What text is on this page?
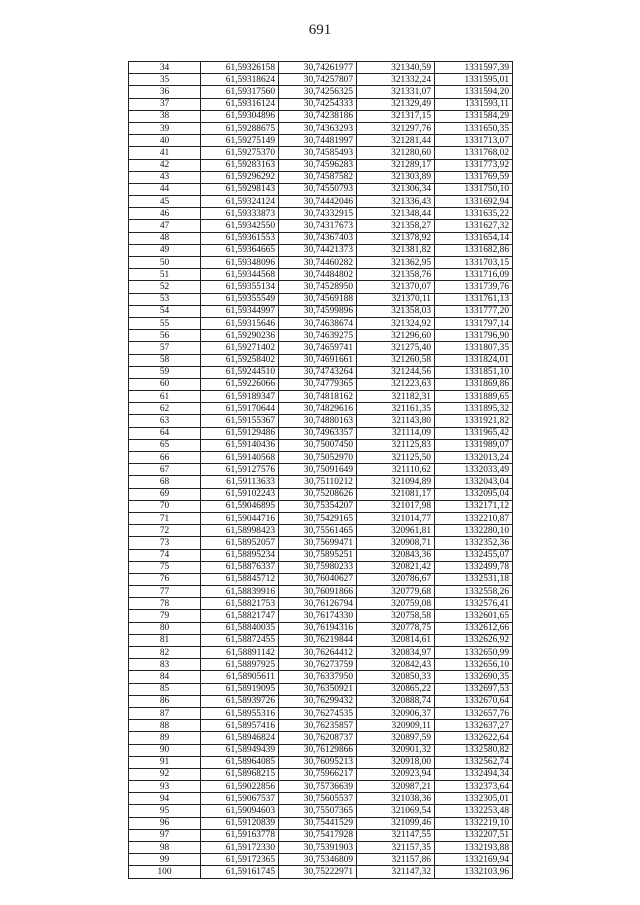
691
34	61,59326158	30,74261977	321340,59	1331597,39
35	61,59318624	30,74257807	321332,24	1331595,01
36	61,59317560	30,74256325	321331,07	1331594,20
37	61,59316124	30,74254333	321329,49	1331593,11
38	61,59304896	30,74238186	321317,15	1331584,29
39	61,59288675	30,74363293	321297,76	1331650,35
40	61,59275149	30,74481997	321281,44	1331713,07
41	61,59275370	30,74585493	321280,60	1331768,02
42	61,59283163	30,74596283	321289,17	1331773,92
43	61,59296292	30,74587582	321303,89	1331769,59
44	61,59298143	30,74550793	321306,34	1331750,10
45	61,59324124	30,74442046	321336,43	1331692,94
46	61,59333873	30,74332915	321348,44	1331635,22
47	61,59342550	30,74317673	321358,27	1331627,32
48	61,59361553	30,74367403	321378,92	1331654,14
49	61,59364665	30,74421373	321381,82	1331682,86
50	61,59348096	30,74460282	321362,95	1331703,15
51	61,59344568	30,74484802	321358,76	1331716,09
52	61,59355134	30,74528950	321370,07	1331739,76
53	61,59355549	30,74569188	321370,11	1331761,13
54	61,59344997	30,74599896	321358,03	1331777,20
55	61,59315646	30,74638674	321324,92	1331797,14
56	61,59290236	30,74639275	321296,60	1331796,90
57	61,59271402	30,74659741	321275,40	1331807,35
58	61,59258402	30,74691661	321260,58	1331824,01
59	61,59244510	30,74743264	321244,56	1331851,10
60	61,59226066	30,74779365	321223,63	1331869,86
61	61,59189347	30,74818162	321182,31	1331889,65
62	61,59170644	30,74829616	321161,35	1331895,32
63	61,59155367	30,74880163	321143,80	1331921,82
64	61,59129486	30,74963357	321114,09	1331965,42
65	61,59140436	30,75007450	321125,83	1331989,07
66	61,59140568	30,75052970	321125,50	1332013,24
67	61,59127576	30,75091649	321110,62	1332033,49
68	61,59113633	30,75110212	321094,89	1332043,04
69	61,59102243	30,75208626	321081,17	1332095,04
70	61,59046895	30,75354207	321017,98	1332171,12
71	61,59044716	30,75429165	321014,77	1332210,87
72	61,58998423	30,75561465	320961,81	1332280,10
73	61,58952057	30,75699471	320908,71	1332352,36
74	61,58895234	30,75895251	320843,36	1332455,07
75	61,58876337	30,75980233	320821,42	1332499,78
76	61,58845712	30,76040627	320786,67	1332531,18
77	61,58839916	30,76091866	320779,68	1332558,26
78	61,58821753	30,76126794	320759,08	1332576,41
79	61,58821747	30,76174330	320758,58	1332601,65
80	61,58840035	30,76194316	320778,75	1332612,66
81	61,58872455	30,76219844	320814,61	1332626,92
82	61,58891142	30,76264412	320834,97	1332650,99
83	61,58897925	30,76273759	320842,43	1332656,10
84	61,58905611	30,76337950	320850,33	1332690,35
85	61,58919095	30,76350921	320865,22	1332697,53
86	61,58939726	30,76299432	320888,74	1332670,64
87	61,58955316	30,76274535	320906,37	1332657,76
88	61,58957416	30,76235857	320909,11	1332637,27
89	61,58946824	30,76208737	320897,59	1332622,64
90	61,58949439	30,76129866	320901,32	1332580,82
91	61,58964085	30,76095213	320918,00	1332562,74
92	61,58968215	30,75966217	320923,94	1332494,34
93	61,59022856	30,75736639	320987,21	1332373,64
94	61,59067537	30,75605537	321038,36	1332305,01
95	61,59094603	30,75507365	321069,54	1332253,48
96	61,59120839	30,75441529	321099,46	1332219,10
97	61,59163778	30,75417928	321147,55	1332207,51
98	61,59172330	30,75391903	321157,35	1332193,88
99	61,59172365	30,75346809	321157,86	1332169,94
100	61,59161745	30,75222971	321147,32	1332103,96
